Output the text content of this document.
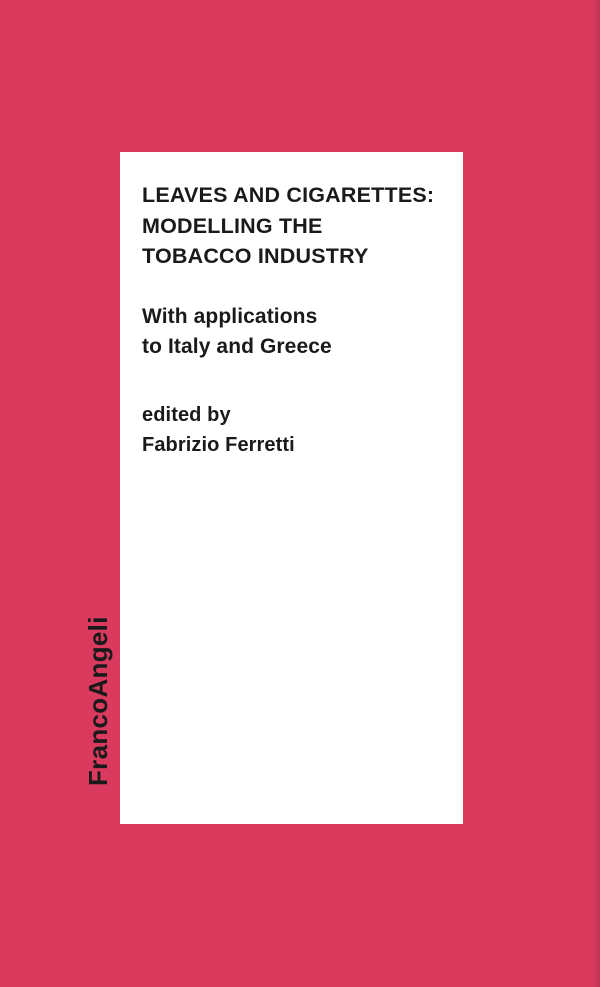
LEAVES AND CIGARETTES:
MODELLING THE
TOBACCO INDUSTRY
With applications
to Italy and Greece
edited by
Fabrizio Ferretti
FrancoAngeli
